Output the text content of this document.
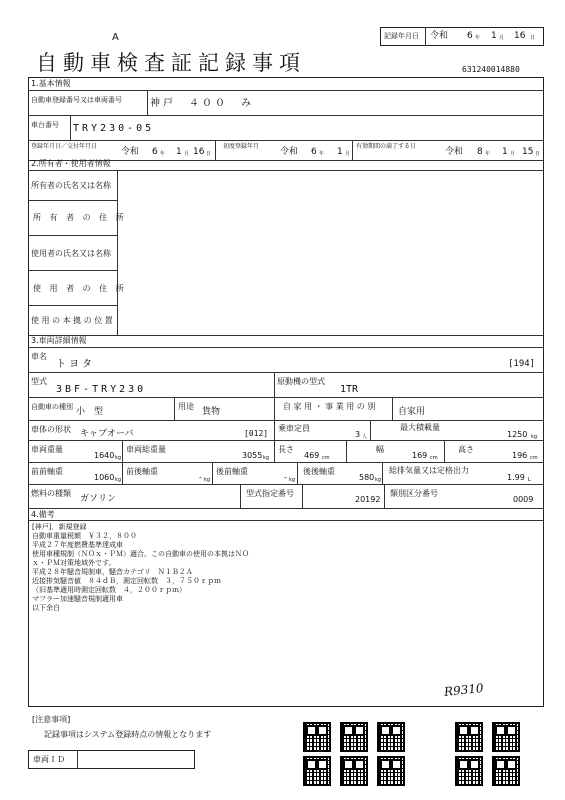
A	記録年月日 令和 6 年 1 月 16 日
自動車検査証記録事項	631240014880
1.基本情報
自動車登録番号又は車両番号	神戸　４００　み
車台番号 TRY230-05
登録年月日／交付年月日
令和 6 年 1 月 16 日
初度登録年月
令和 6 年 1 月
有効期間の満了する日
令和 8 年 1 月 15 日
2.所有者・使用者情報
所有者の氏名又は名称
所 有 者 の 住 所
使用者の氏名又は名称
使 用 者 の 住 所
使 用 の 本 拠 の 位 置
3.車両詳細情報
車名
トヨタ	[194]
型式
3BF-TRY230
原動機の型式
1TR
自動車の種別 小　型
用途
貨物
自 家 用 ・ 事 業 用 の 別
自家用
車体の形状 キャブオーバ	[012]
乗車定員
3 人
最大積載量
1250 kg
車両重量
1640 kg
車両総重量
3055 kg
長さ
469 cm
幅
169 cm
高さ
196 cm
前前軸重
1060 kg
前後軸重
- kg
後前軸重
- kg
後後軸重
580 kg
総排気量又は定格出力
1.99 L
燃料の種類
ガソリン
型式指定番号
20192
類別区分番号
0009
4.備考
[神戸]．新規登録
自動車重量税額　￥３２，８００
平成２７年度燃費基準達成車
使用車種規制（ＮＯｘ・ＰＭ）適合。この自動車の使用の本拠はＮＯ
ｘ・ＰＭ対策地域外です。
平成２８年騒音規制車，騒音カテゴリ　Ｎ１Ｂ２Ａ
近接排気騒音値　８４ｄＢ，測定回転数　３，７５０ｒｐｍ
（旧基準適用時測定回転数　４，２００ｒｐｍ）
マフラー加速騒音規制適用車
以下余白
R9310
[注意事項]
記録事項はシステム登録時点の情報となります
車両ＩＤ
